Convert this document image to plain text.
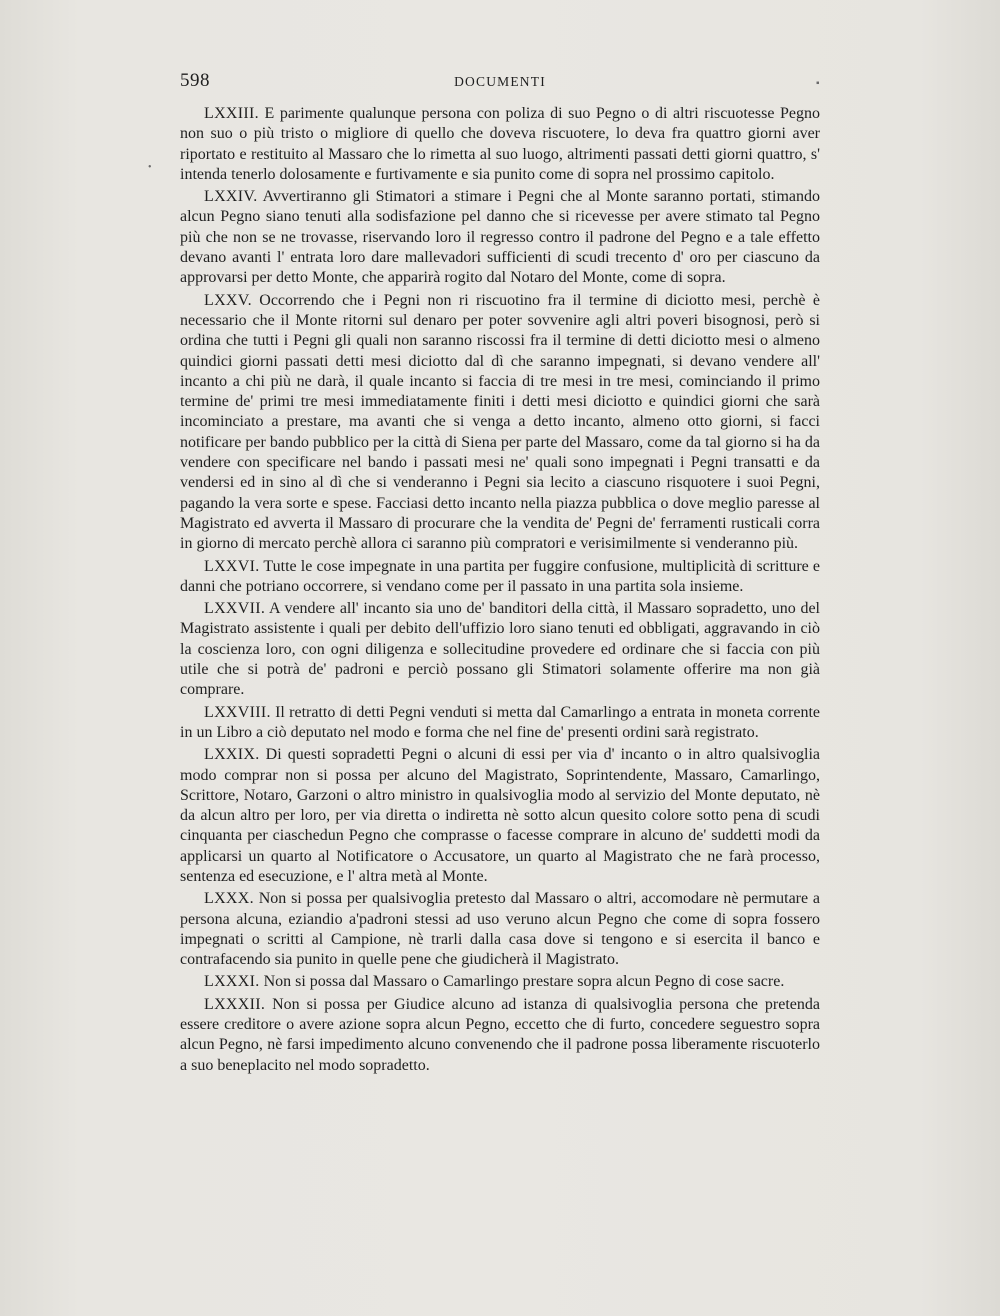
598	DOCUMENTI

LXXIII. E parimente qualunque persona con poliza di suo Pegno o di altri riscuotesse Pegno non suo o più tristo o migliore di quello che doveva riscuotere, lo deva fra quattro giorni aver riportato e restituito al Massaro che lo rimetta al suo luogo, altrimenti passati detti giorni quattro, s' intenda tenerlo dolosamente e furtivamente e sia punito come di sopra nel prossimo capitolo.

LXXIV. Avvertiranno gli Stimatori a stimare i Pegni che al Monte saranno portati, stimando alcun Pegno siano tenuti alla sodisfazione pel danno che si ricevesse per avere stimato tal Pegno più che non se ne trovasse, riservando loro il regresso contro il padrone del Pegno e a tale effetto devano avanti l' entrata loro dare mallevadori sufficienti di scudi trecento d' oro per ciascuno da approvarsi per detto Monte, che apparirà rogito dal Notaro del Monte, come di sopra.

LXXV. Occorrendo che i Pegni non ri riscuotino fra il termine di diciotto mesi, perchè è necessario che il Monte ritorni sul denaro per poter sovvenire agli altri poveri bisognosi, però si ordina che tutti i Pegni gli quali non saranno riscossi fra il termine di detti diciotto mesi o almeno quindici giorni passati detti mesi diciotto dal dì che saranno impegnati, si devano vendere all' incanto a chi più ne darà, il quale incanto si faccia di tre mesi in tre mesi, cominciando il primo termine de' primi tre mesi immediatamente finiti i detti mesi diciotto e quindici giorni che sarà incominciato a prestare, ma avanti che si venga a detto incanto, almeno otto giorni, si facci notificare per bando pubblico per la città di Siena per parte del Massaro, come da tal giorno si ha da vendere con specificare nel bando i passati mesi ne' quali sono impegnati i Pegni transatti e da vendersi ed in sino al dì che si venderanno i Pegni sia lecito a ciascuno risquotere i suoi Pegni, pagando la vera sorte e spese. Facciasi detto incanto nella piazza pubblica o dove meglio paresse al Magistrato ed avverta il Massaro di procurare che la vendita de' Pegni de' ferramenti rusticali corra in giorno di mercato perchè allora ci saranno più compratori e verisimilmente si venderanno più.

LXXVI. Tutte le cose impegnate in una partita per fuggire confusione, multiplicità di scritture e danni che potriano occorrere, si vendano come per il passato in una partita sola insieme.

LXXVII. A vendere all' incanto sia uno de' banditori della città, il Massaro sopradetto, uno del Magistrato assistente i quali per debito dell'uffizio loro siano tenuti ed obbligati, aggravando in ciò la coscienza loro, con ogni diligenza e sollecitudine provedere ed ordinare che si faccia con più utile che si potrà de' padroni e perciò possano gli Stimatori solamente offerire ma non già comprare.

LXXVIII. Il retratto di detti Pegni venduti si metta dal Camarlingo a entrata in moneta corrente in un Libro a ciò deputato nel modo e forma che nel fine de' presenti ordini sarà registrato.

LXXIX. Di questi sopradetti Pegni o alcuni di essi per via d' incanto o in altro qualsivoglia modo comprar non si possa per alcuno del Magistrato, Soprintendente, Massaro, Camarlingo, Scrittore, Notaro, Garzoni o altro ministro in qualsivoglia modo al servizio del Monte deputato, nè da alcun altro per loro, per via diretta o indiretta nè sotto alcun quesito colore sotto pena di scudi cinquanta per ciaschedun Pegno che comprasse o facesse comprare in alcuno de' suddetti modi da applicarsi un quarto al Notificatore o Accusatore, un quarto al Magistrato che ne farà processo, sentenza ed esecuzione, e l' altra metà al Monte.

LXXX. Non si possa per qualsivoglia pretesto dal Massaro o altri, accomodare nè permutare a persona alcuna, eziandio a'padroni stessi ad uso veruno alcun Pegno che come di sopra fossero impegnati o scritti al Campione, nè trarli dalla casa dove si tengono e si esercita il banco e contrafacendo sia punito in quelle pene che giudicherà il Magistrato.

LXXXI. Non si possa dal Massaro o Camarlingo prestare sopra alcun Pegno di cose sacre.

LXXXII. Non si possa per Giudice alcuno ad istanza di qualsivoglia persona che pretenda essere creditore o avere azione sopra alcun Pegno, eccetto che di furto, concedere seguestro sopra alcun Pegno, nè farsi impedimento alcuno convenendo che il padrone possa liberamente riscuoterlo a suo beneplacito nel modo sopradetto.

▪
•
